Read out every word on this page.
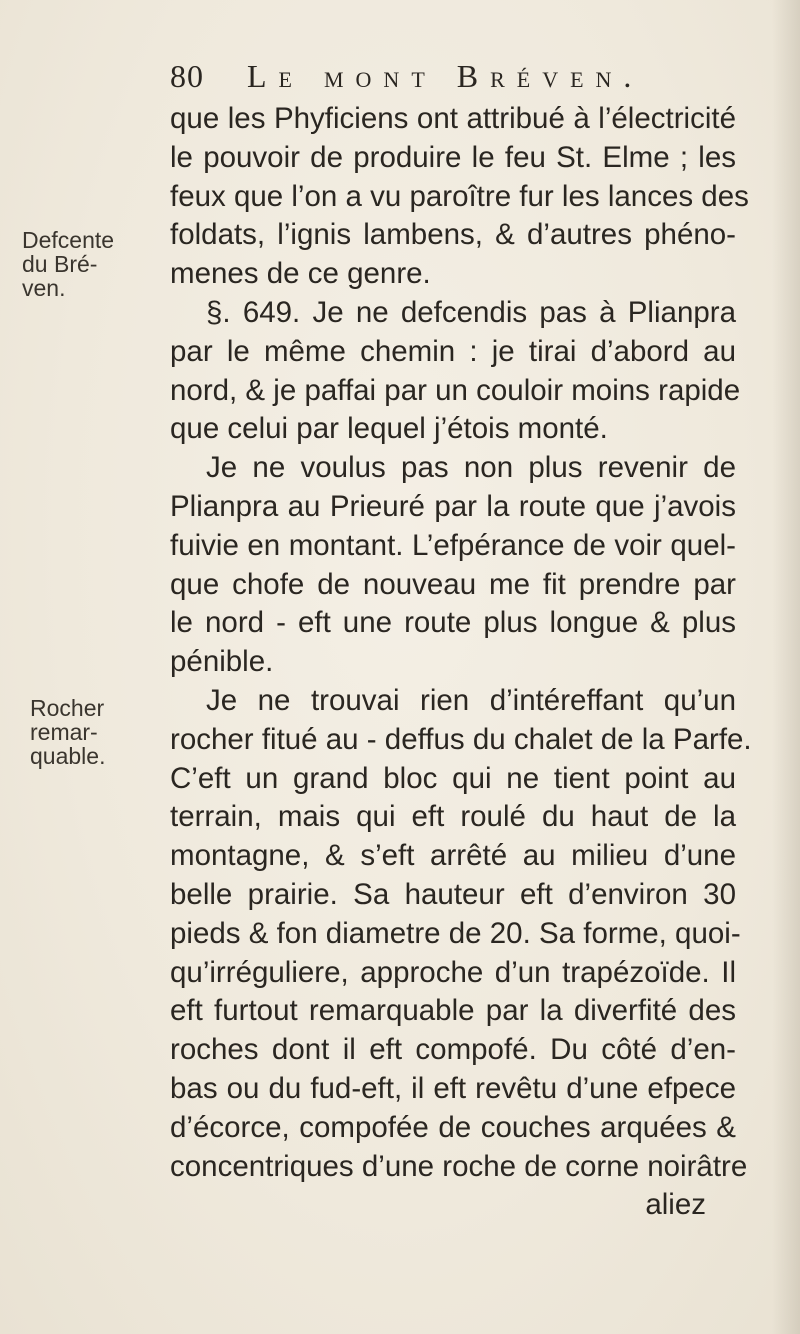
80 Le mont Bréven.
Defcente
du Bré-
ven.
Rocher
remar-
quable.
que les Phyficiens ont attribué à l’électricité
le pouvoir de produire le feu St. Elme ; les
feux que l’on a vu paroître fur les lances des
foldats, l’ignis lambens, & d’autres phéno-
menes de ce genre.
§. 649. Je ne defcendis pas à Plianpra
par le même chemin : je tirai d’abord au
nord, & je paffai par un couloir moins rapide
que celui par lequel j’étois monté.
Je ne voulus pas non plus revenir de
Plianpra au Prieuré par la route que j’avois
fuivie en montant. L’efpérance de voir quel-
que chofe de nouveau me fit prendre par
le nord - eft une route plus longue & plus
pénible.
Je ne trouvai rien d’intéreffant qu’un
rocher fitué au - deffus du chalet de la Parfe.
C’eft un grand bloc qui ne tient point au
terrain, mais qui eft roulé du haut de la
montagne, & s’eft arrêté au milieu d’une
belle prairie. Sa hauteur eft d’environ 30
pieds & fon diametre de 20. Sa forme, quoi-
qu’irréguliere, approche d’un trapézoïde. Il
eft furtout remarquable par la diverfité des
roches dont il eft compofé. Du côté d’en-
bas ou du fud-eft, il eft revêtu d’une efpece
d’écorce, compofée de couches arquées &
concentriques d’une roche de corne noirâtre
aliez
